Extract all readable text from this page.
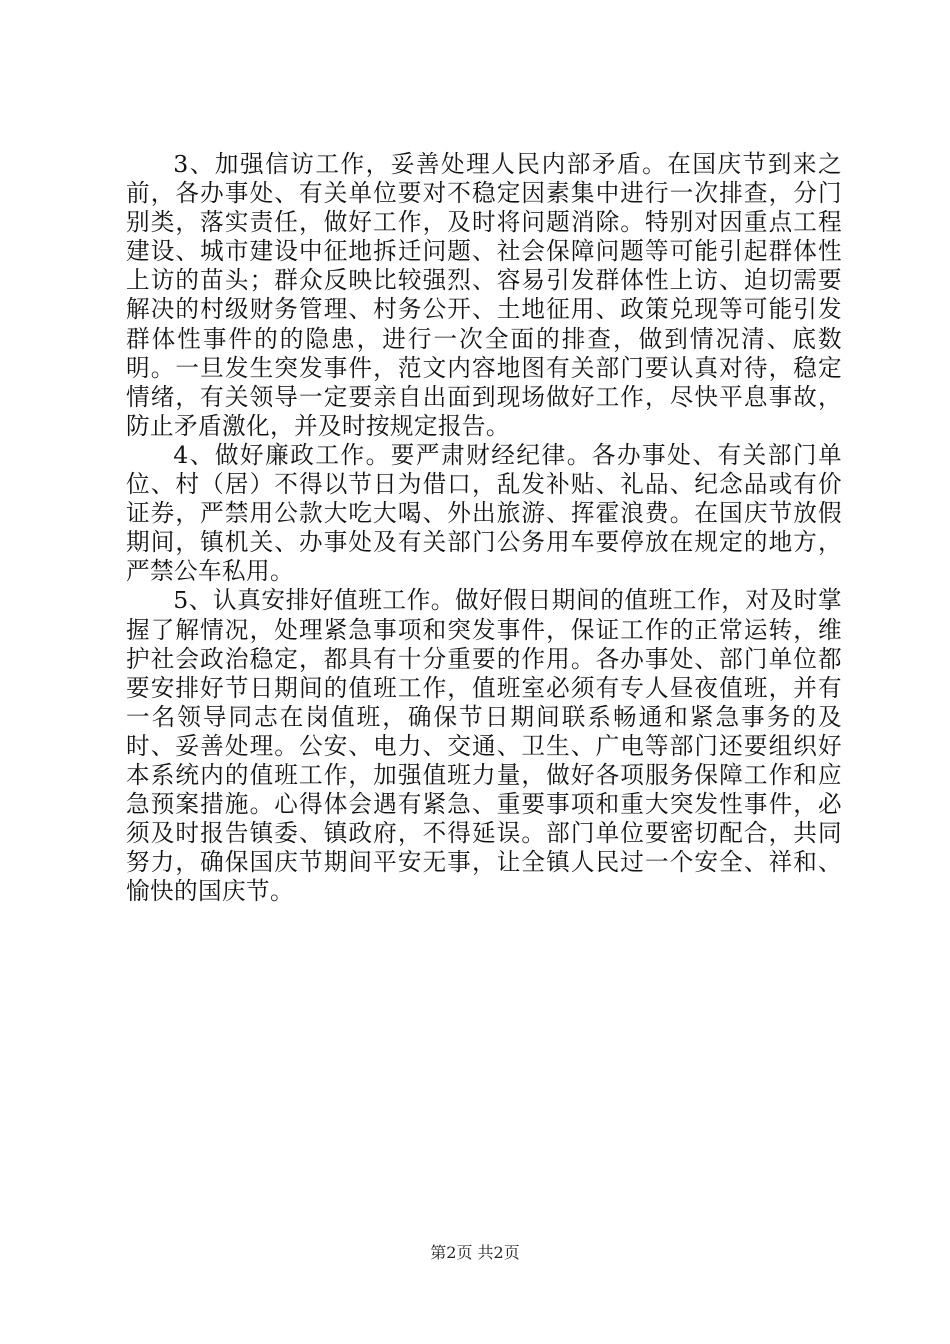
3、加强信访工作，妥善处理人民内部矛盾。在国庆节到来之前，各办事处、有关单位要对不稳定因素集中进行一次排查，分门别类，落实责任，做好工作，及时将问题消除。特别对因重点工程建设、城市建设中征地拆迁问题、社会保障问题等可能引起群体性上访的苗头；群众反映比较强烈、容易引发群体性上访、迫切需要解决的村级财务管理、村务公开、土地征用、政策兑现等可能引发群体性事件的的隐患，进行一次全面的排查，做到情况清、底数明。一旦发生突发事件，范文内容地图有关部门要认真对待，稳定情绪，有关领导一定要亲自出面到现场做好工作，尽快平息事故，防止矛盾激化，并及时按规定报告。

4、做好廉政工作。要严肃财经纪律。各办事处、有关部门单位、村（居）不得以节日为借口，乱发补贴、礼品、纪念品或有价证券，严禁用公款大吃大喝、外出旅游、挥霍浪费。在国庆节放假期间，镇机关、办事处及有关部门公务用车要停放在规定的地方，严禁公车私用。

5、认真安排好值班工作。做好假日期间的值班工作，对及时掌握了解情况，处理紧急事项和突发事件，保证工作的正常运转，维护社会政治稳定，都具有十分重要的作用。各办事处、部门单位都要安排好节日期间的值班工作，值班室必须有专人昼夜值班，并有一名领导同志在岗值班，确保节日期间联系畅通和紧急事务的及时、妥善处理。公安、电力、交通、卫生、广电等部门还要组织好本系统内的值班工作，加强值班力量，做好各项服务保障工作和应急预案措施。心得体会遇有紧急、重要事项和重大突发性事件，必须及时报告镇委、镇政府，不得延误。部门单位要密切配合，共同努力，确保国庆节期间平安无事，让全镇人民过一个安全、祥和、愉快的国庆节。

第2页 共2页
